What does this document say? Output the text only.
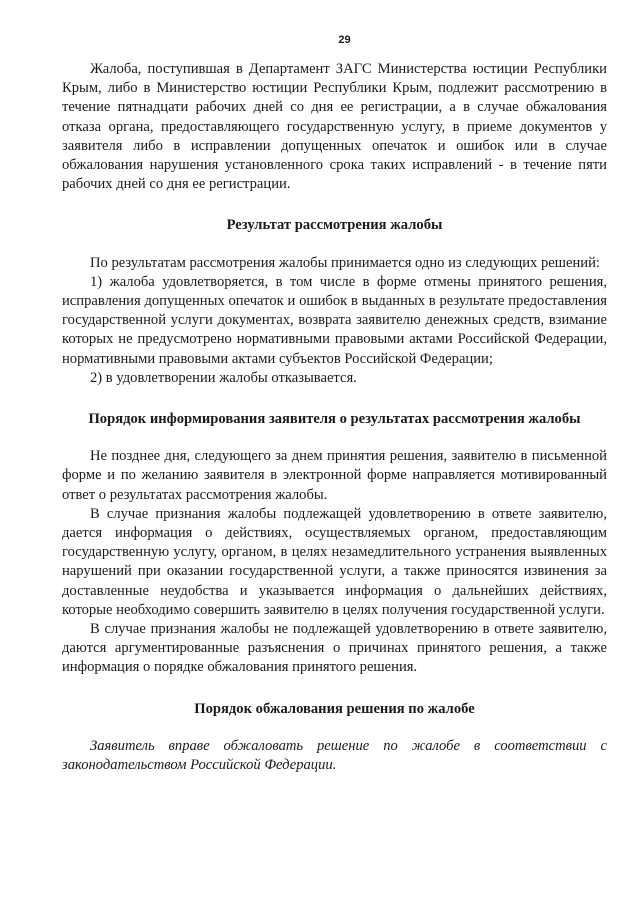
29

Жалоба, поступившая в Департамент ЗАГС Министерства юстиции Республики Крым, либо в Министерство юстиции Республики Крым, подлежит рассмотрению в течение пятнадцати рабочих дней со дня ее регистрации, а в случае обжалования отказа органа, предоставляющего государственную услугу, в приеме документов у заявителя либо в исправлении допущенных опечаток и ошибок или в случае обжалования нарушения установленного срока таких исправлений - в течение пяти рабочих дней со дня ее регистрации.

Результат рассмотрения жалобы

По результатам рассмотрения жалобы принимается одно из следующих решений:

1) жалоба удовлетворяется, в том числе в форме отмены принятого решения, исправления допущенных опечаток и ошибок в выданных в результате предоставления государственной услуги документах, возврата заявителю денежных средств, взимание которых не предусмотрено нормативными правовыми актами Российской Федерации, нормативными правовыми актами субъектов Российской Федерации;

2) в удовлетворении жалобы отказывается.

Порядок информирования заявителя о результатах рассмотрения жалобы

Не позднее дня, следующего за днем принятия решения, заявителю в письменной форме и по желанию заявителя в электронной форме направляется мотивированный ответ о результатах рассмотрения жалобы.

В случае признания жалобы подлежащей удовлетворению в ответе заявителю, дается информация о действиях, осуществляемых органом, предоставляющим государственную услугу, органом, в целях незамедлительного устранения выявленных нарушений при оказании государственной услуги, а также приносятся извинения за доставленные неудобства и указывается информация о дальнейших действиях, которые необходимо совершить заявителю в целях получения государственной услуги.

В случае признания жалобы не подлежащей удовлетворению в ответе заявителю, даются аргументированные разъяснения о причинах принятого решения, а также информация о порядке обжалования принятого решения.

Порядок обжалования решения по жалобе

Заявитель вправе обжаловать решение по жалобе в соответствии с законодательством Российской Федерации.
